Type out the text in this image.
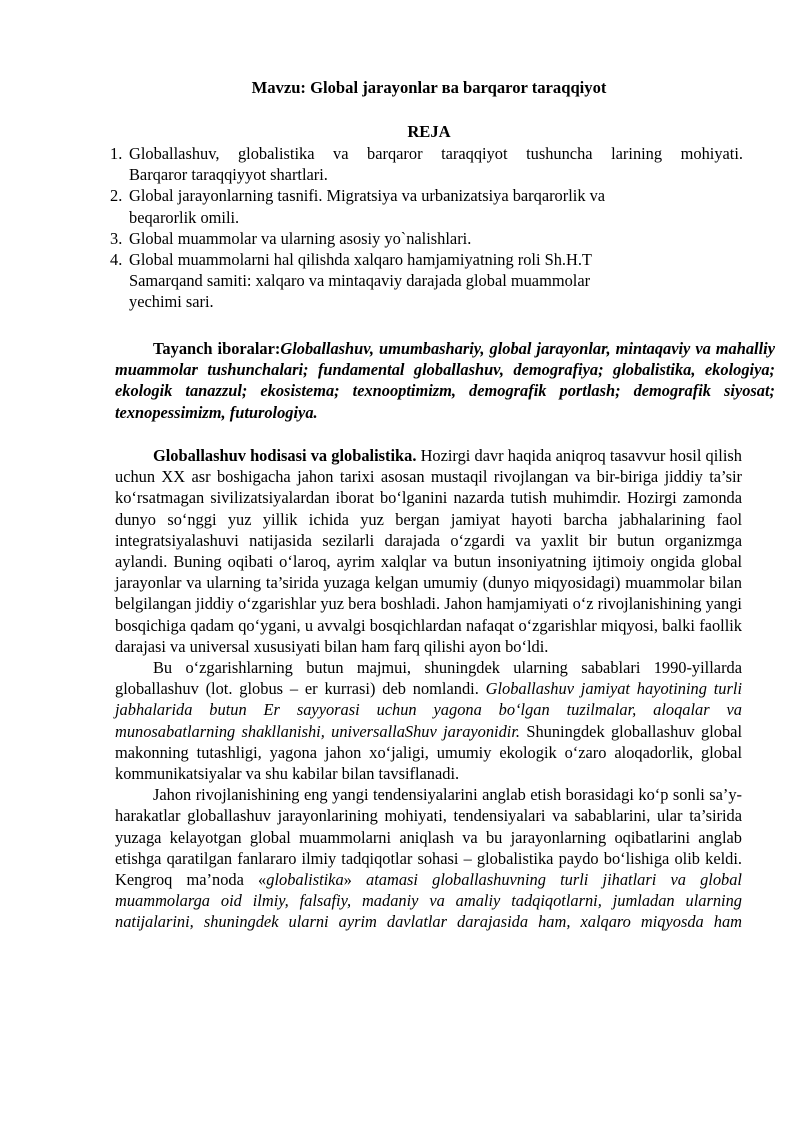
Mavzu: Global jarayonlar ва barqaror taraqqiyot
REJA
1. Globallashuv, globalistika va barqaror taraqqiyot tushuncha larining mohiyati.
Barqaror taraqqiyyot shartlari.
2. Global jarayonlarning tasnifi. Migratsiya va urbanizatsiya barqarorlik va
beqarorlik omili.
3. Global muammolar va ularning asosiy yo`nalishlari.
4. Global muammolarni hal qilishda xalqaro hamjamiyatning roli Sh.H.T
Samarqand samiti: xalqaro va mintaqaviy darajada global muammolar
yechimi sari.

Tayanch iboralar:Globallashuv, umumbashariy, global jarayonlar, mintaqaviy va mahalliy muammolar tushunchalari; fundamental globallashuv, demografiya; globalistika, ekologiya; ekologik tanazzul; ekosistema; texnooptimizm, demografik portlash; demografik siyosat; texnopessimizm, futurologiya.

Globallashuv hodisasi va globalistika. Hozirgi davr haqida aniqroq tasavvur hosil qilish uchun XX asr boshigacha jahon tarixi asosan mustaqil rivojlangan va bir-biriga jiddiy ta’sir ko‘rsatmagan sivilizatsiyalardan iborat bo‘lganini nazarda tutish muhimdir. Hozirgi zamonda dunyo so‘nggi yuz yillik ichida yuz bergan jamiyat hayoti barcha jabhalarining faol integratsiyalashuvi natijasida sezilarli darajada o‘zgardi va yaxlit bir butun organizmga aylandi. Buning oqibati o‘laroq, ayrim xalqlar va butun insoniyatning ijtimoiy ongida global jarayonlar va ularning ta’sirida yuzaga kelgan umumiy (dunyo miqyosidagi) muammolar bilan belgilangan jiddiy o‘zgarishlar yuz bera boshladi. Jahon hamjamiyati o‘z rivojlanishining yangi bosqichiga qadam qo‘ygani, u avvalgi bosqichlardan nafaqat o‘zgarishlar miqyosi, balki faollik darajasi va universal xususiyati bilan ham farq qilishi ayon bo‘ldi.

Bu o‘zgarishlarning butun majmui, shuningdek ularning sabablari 1990-yillarda globallashuv (lot. globus – er kurrasi) deb nomlandi. Globallashuv jamiyat hayotining turli jabhalarida butun Er sayyorasi uchun yagona bo‘lgan tuzilmalar, aloqalar va munosabatlarning shakllanishi, universallaShuv jarayonidir. Shuningdek globallashuv global makonning tutashligi, yagona jahon xo‘jaligi, umumiy ekologik o‘zaro aloqadorlik, global kommunikatsiyalar va shu kabilar bilan tavsiflanadi.

Jahon rivojlanishining eng yangi tendensiyalarini anglab etish borasidagi ko‘p sonli sa’y-harakatlar globallashuv jarayonlarining mohiyati, tendensiyalari va sabablarini, ular ta’sirida yuzaga kelayotgan global muammolarni aniqlash va bu jarayonlarning oqibatlarini anglab etishga qaratilgan fanlararo ilmiy tadqiqotlar sohasi – globalistika paydo bo‘lishiga olib keldi. Kengroq ma’noda «globalistika» atamasi globallashuvning turli jihatlari va global muammolarga oid ilmiy, falsafiy, madaniy va amaliy tadqiqotlarni, jumladan ularning natijalarini, shuningdek ularni ayrim davlatlar darajasida ham, xalqaro miqyosda ham
